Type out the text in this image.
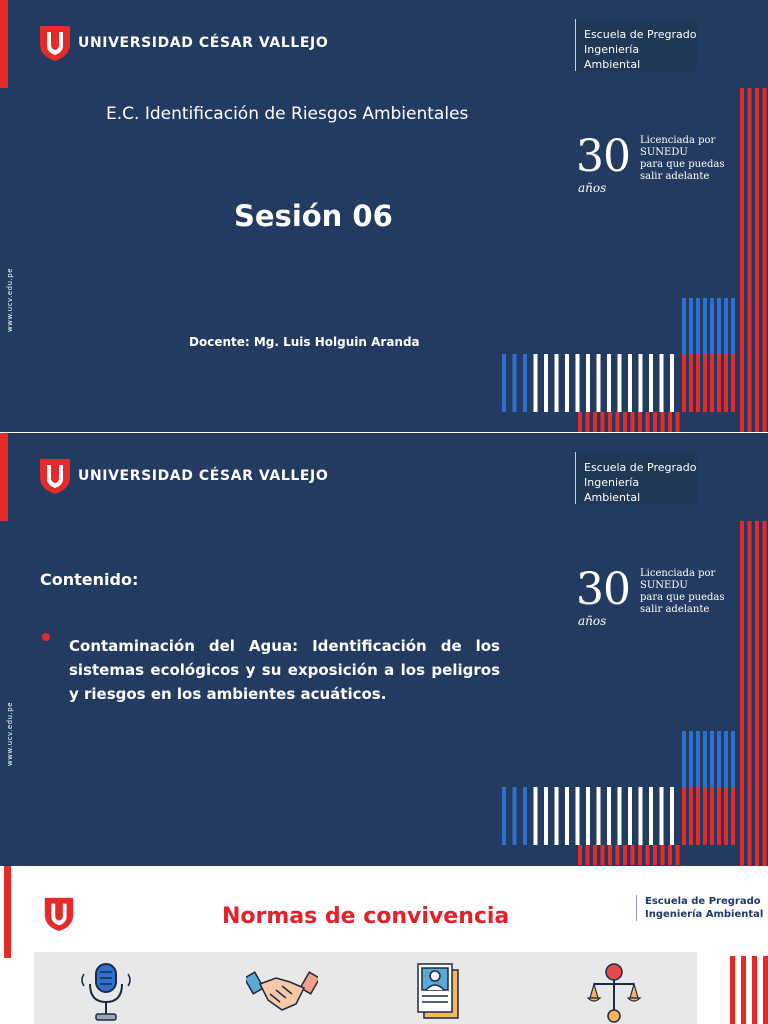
UNIVERSIDAD CÉSAR VALLEJO
Escuela de Pregrado
Ingeniería Ambiental
30
años
Licenciada por
SUNEDU
para que puedas
salir adelante
www.ucv.edu.pe
E.C. Identificación de Riesgos Ambientales
Sesión 06
Docente: Mg. Luis Holguin Aranda
UNIVERSIDAD CÉSAR VALLEJO
Escuela de Pregrado
Ingeniería Ambiental
30
años
Licenciada por
SUNEDU
para que puedas
salir adelante
www.ucv.edu.pe
Contenido:
Contaminación del Agua: Identificación de los sistemas ecológicos y su exposición a los peligros y riesgos en los ambientes acuáticos.
Normas de convivencia
Escuela de Pregrado
Ingeniería Ambiental
